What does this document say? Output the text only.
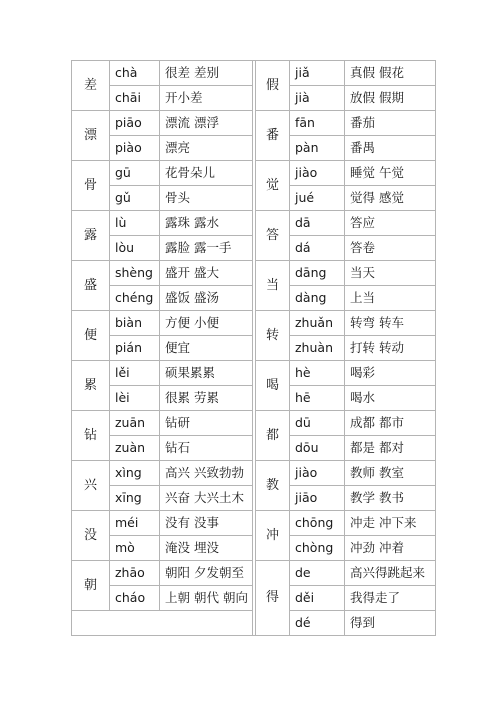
差	chà	很差 差别		假	jiǎ	真假 假花
	chāi	开小差			jià	放假 假期
漂	piāo	漂流 漂浮		番	fān	番茄
	piào	漂亮			pàn	番禺
骨	gū	花骨朵儿		觉	jiào	睡觉 午觉
	gǔ	骨头			jué	觉得 感觉
露	lù	露珠 露水		答	dā	答应
	lòu	露脸 露一手			dá	答卷
盛	shèng	盛开 盛大		当	dāng	当天
	chéng	盛饭 盛汤			dàng	上当
便	biàn	方便 小便		转	zhuǎn	转弯 转车
	pián	便宜			zhuàn	打转 转动
累	lěi	硕果累累		喝	hè	喝彩
	lèi	很累 劳累			hē	喝水
钻	zuān	钻研		都	dū	成都 都市
	zuàn	钻石			dōu	都是 都对
兴	xìng	高兴 兴致勃勃		教	jiào	教师 教室
	xīng	兴奋 大兴土木			jiāo	教学 教书
没	méi	没有 没事		冲	chōng	冲走 冲下来
	mò	淹没 埋没			chòng	冲劲 冲着
朝	zhāo	朝阳 夕发朝至		得	de	高兴得跳起来
	cháo	上朝 朝代 朝向			děi	我得走了
					dé	得到
